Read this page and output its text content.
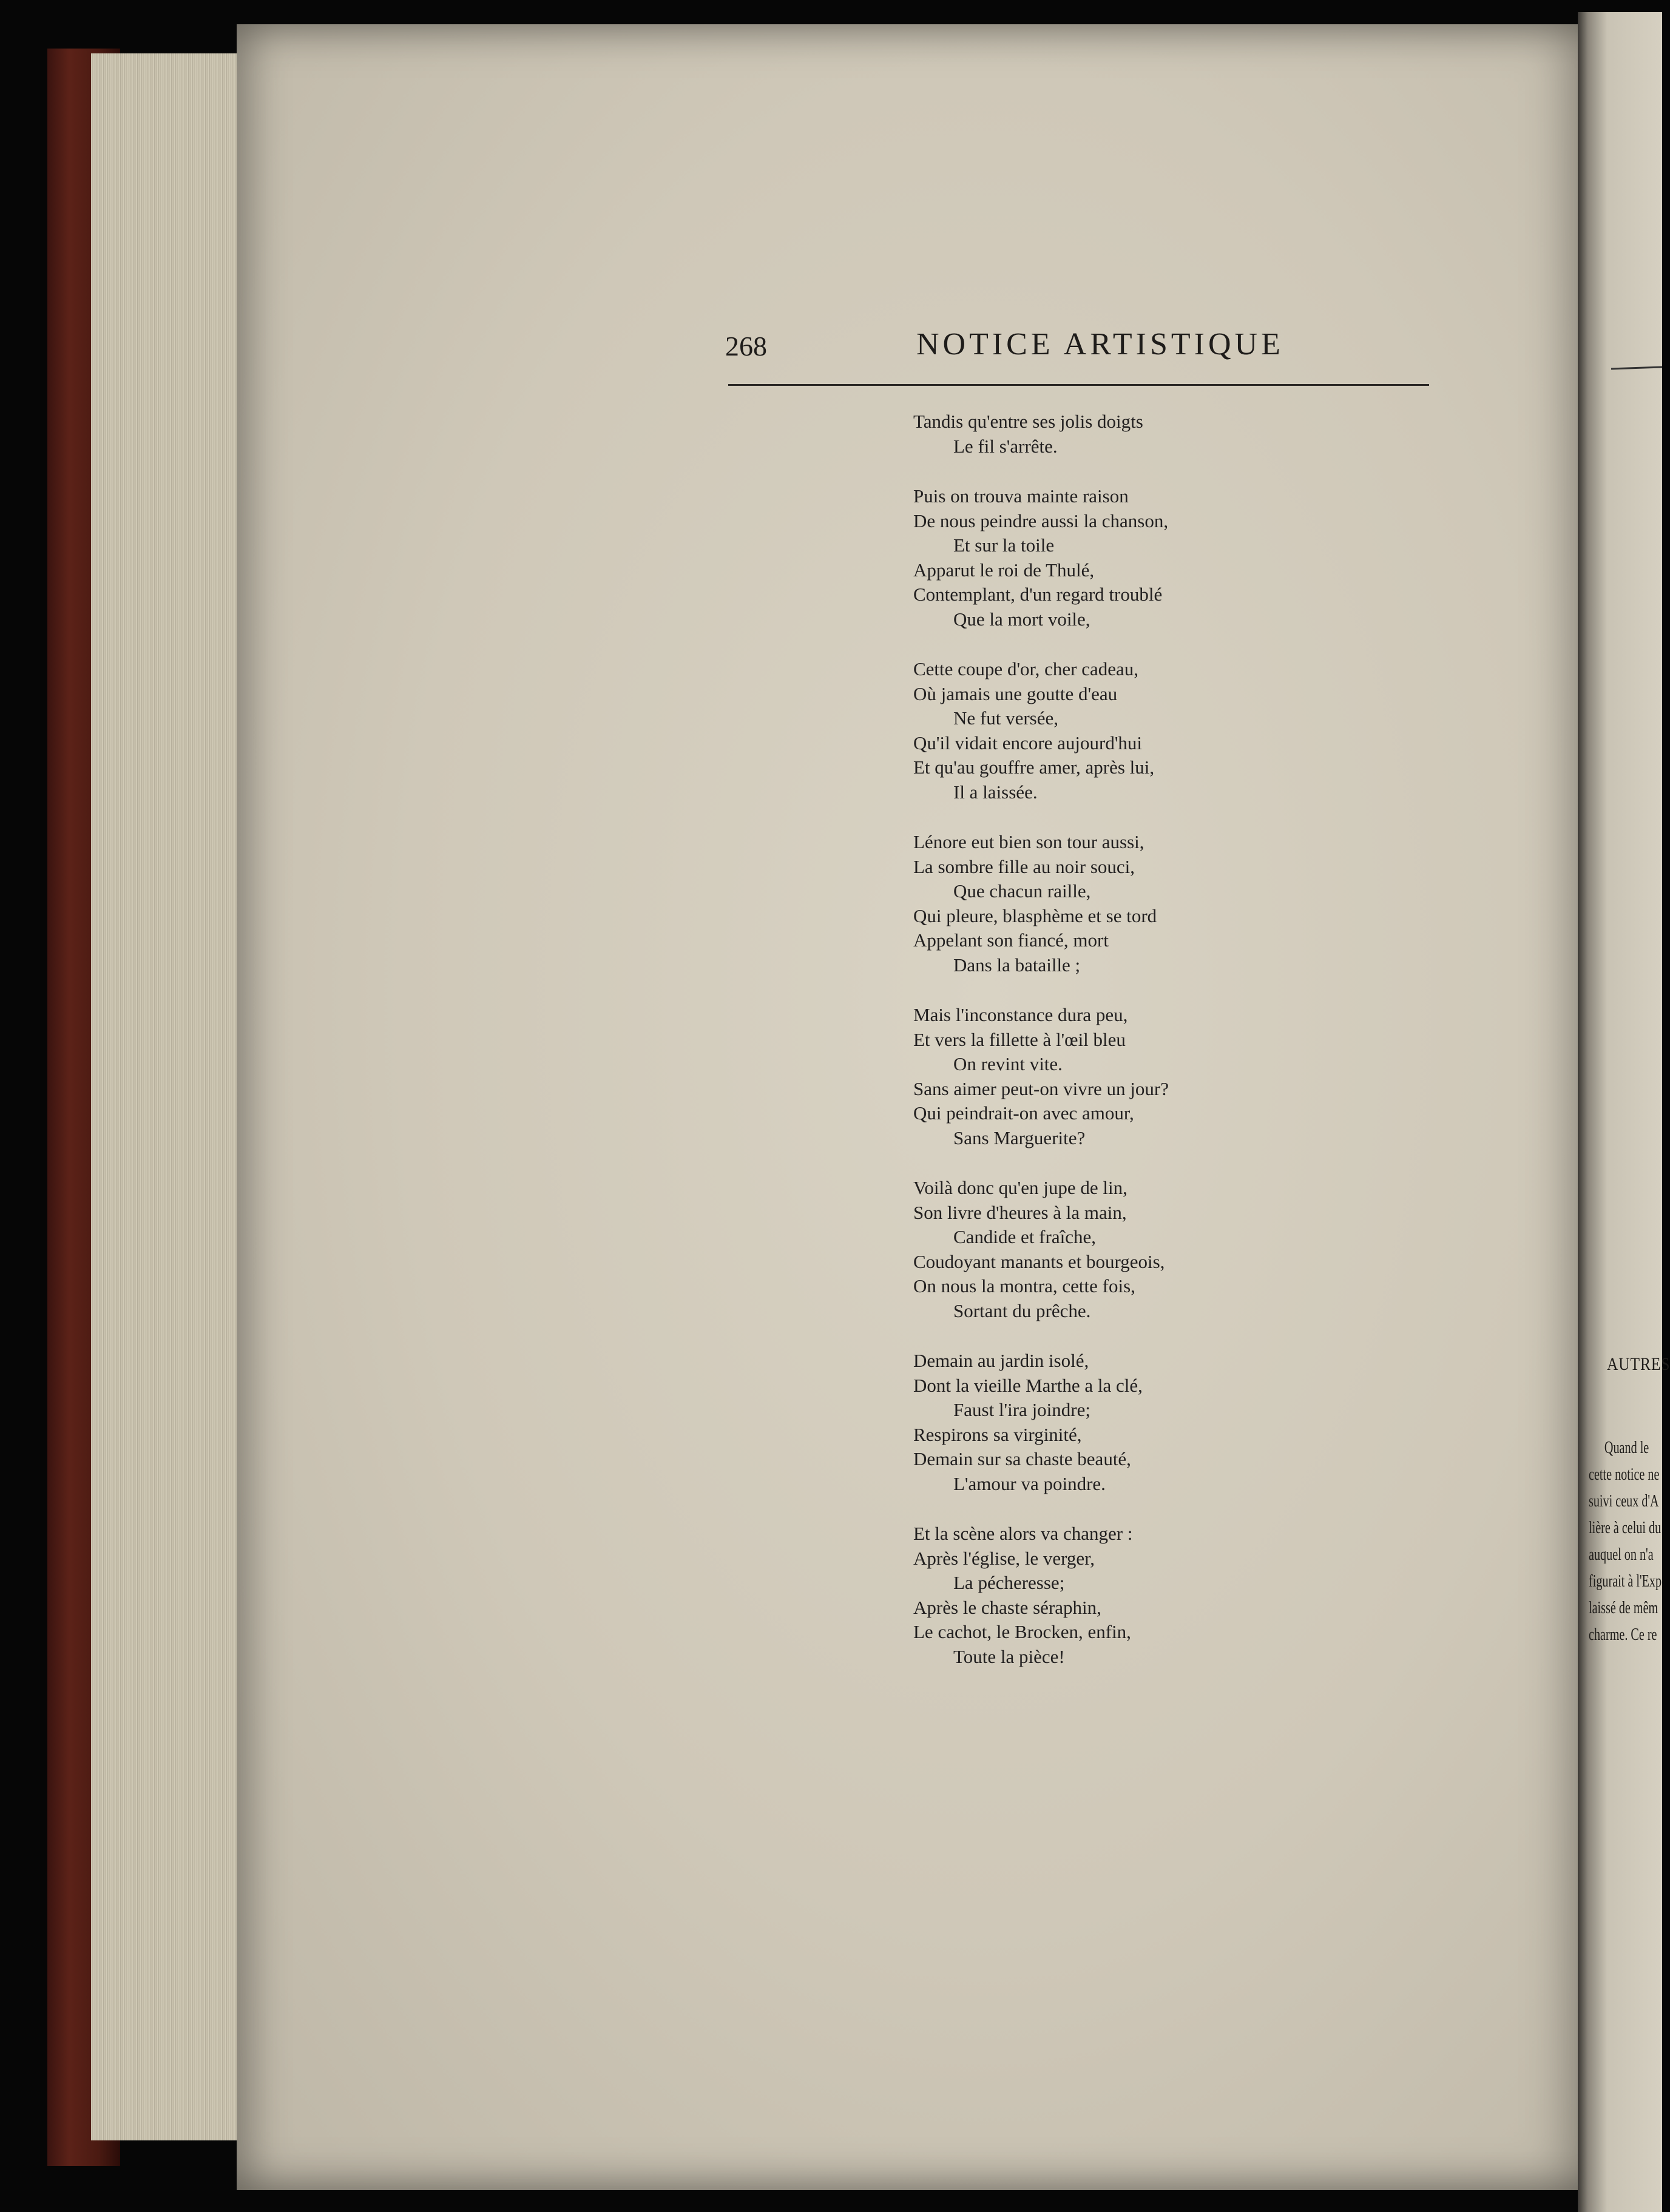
268	NOTICE ARTISTIQUE
Tandis qu'entre ses jolis doigts
Le fil s'arrête.
Puis on trouva mainte raison
De nous peindre aussi la chanson,
Et sur la toile
Apparut le roi de Thulé,
Contemplant, d'un regard troublé
Que la mort voile,
Cette coupe d'or, cher cadeau,
Où jamais une goutte d'eau
Ne fut versée,
Qu'il vidait encore aujourd'hui
Et qu'au gouffre amer, après lui,
Il a laissée.
Lénore eut bien son tour aussi,
La sombre fille au noir souci,
Que chacun raille,
Qui pleure, blasphème et se tord
Appelant son fiancé, mort
Dans la bataille ;
Mais l'inconstance dura peu,
Et vers la fillette à l'œil bleu
On revint vite.
Sans aimer peut-on vivre un jour?
Qui peindrait-on avec amour,
Sans Marguerite?
Voilà donc qu'en jupe de lin,
Son livre d'heures à la main,
Candide et fraîche,
Coudoyant manants et bourgeois,
On nous la montra, cette fois,
Sortant du prêche.
Demain au jardin isolé,
Dont la vieille Marthe a la clé,
Faust l'ira joindre;
Respirons sa virginité,
Demain sur sa chaste beauté,
L'amour va poindre.
Et la scène alors va changer :
Après l'église, le verger,
La pécheresse;
Après le chaste séraphin,
Le cachot, le Brocken, enfin,
Toute la pièce!
AUTRES
Quand le
cette notice ne
suivi ceux d'A
lière à celui du
auquel on n'a
figurait à l'Exp
laissé de mêm
charme. Ce re
